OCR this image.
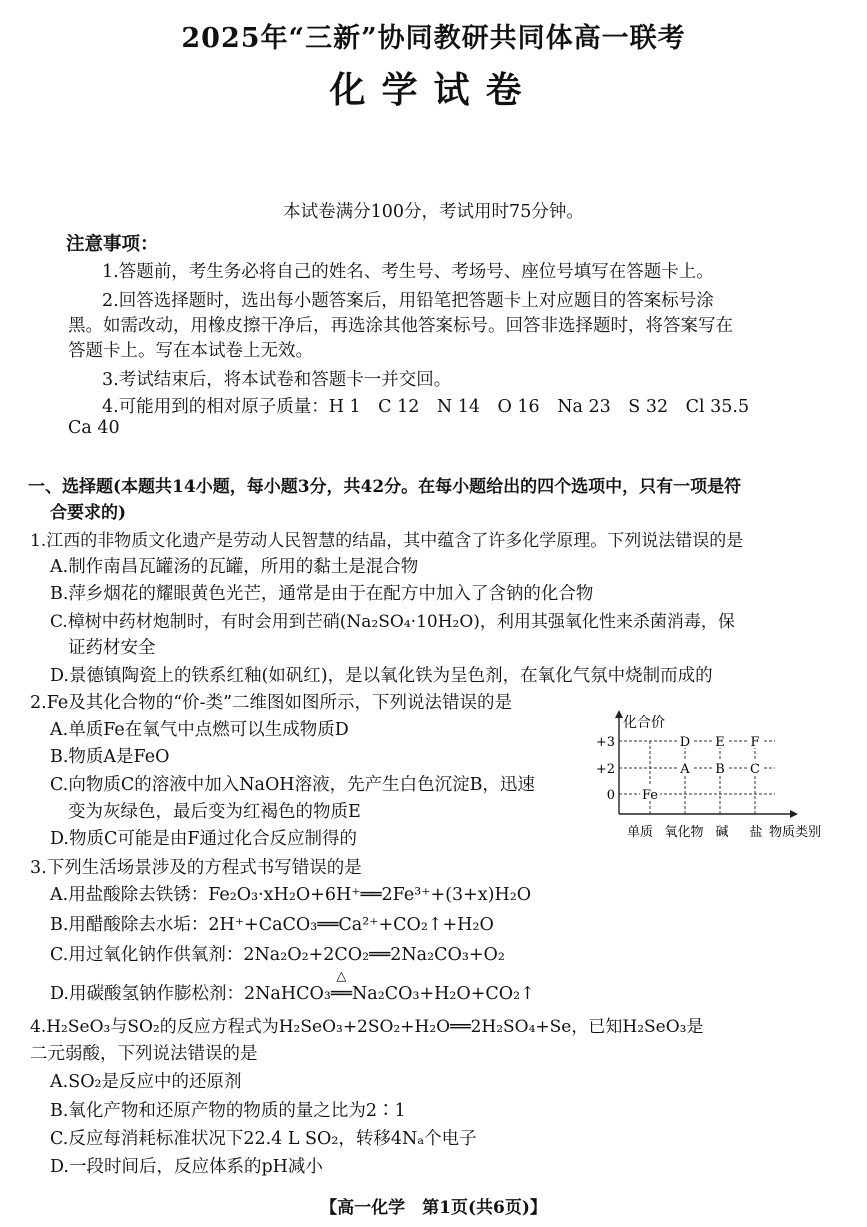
2025年“三新”协同教研共同体高一联考
化学试卷
本试卷满分100分，考试用时75分钟。
注意事项：
1.答题前，考生务必将自己的姓名、考生号、考场号、座位号填写在答题卡上。
2.回答选择题时，选出每小题答案后，用铅笔把答题卡上对应题目的答案标号涂
黑。如需改动，用橡皮擦干净后，再选涂其他答案标号。回答非选择题时，将答案写在
答题卡上。写在本试卷上无效。
3.考试结束后，将本试卷和答题卡一并交回。
4.可能用到的相对原子质量：H 1　C 12　N 14　O 16　Na 23　S 32　Cl 35.5
Ca 40
一、选择题(本题共14小题，每小题3分，共42分。在每小题给出的四个选项中，只有一项是符
合要求的)
1.江西的非物质文化遗产是劳动人民智慧的结晶，其中蕴含了许多化学原理。下列说法错误的是
A.制作南昌瓦罐汤的瓦罐，所用的黏土是混合物
B.萍乡烟花的耀眼黄色光芒，通常是由于在配方中加入了含钠的化合物
C.樟树中药材炮制时，有时会用到芒硝(Na₂SO₄·10H₂O)，利用其强氧化性来杀菌消毒，保
证药材安全
D.景德镇陶瓷上的铁系红釉(如矾红)，是以氧化铁为呈色剂，在氧化气氛中烧制而成的
2.Fe及其化合物的“价-类”二维图如图所示，下列说法错误的是
A.单质Fe在氧气中点燃可以生成物质D
B.物质A是FeO
C.向物质C的溶液中加入NaOH溶液，先产生白色沉淀B，迅速
变为灰绿色，最后变为红褐色的物质E
D.物质C可能是由F通过化合反应制得的
化合价
+3
+2
0
D E F
A B C
Fe
单质 氧化物 碱 盐 物质类别
3.下列生活场景涉及的方程式书写错误的是
A.用盐酸除去铁锈：Fe₂O₃·xH₂O+6H⁺══2Fe³⁺+(3+x)H₂O
B.用醋酸除去水垢：2H⁺+CaCO₃══Ca²⁺+CO₂↑+H₂O
C.用过氧化钠作供氧剂：2Na₂O₂+2CO₂══2Na₂CO₃+O₂
D.用碳酸氢钠作膨松剂：2NaHCO₃
△
══Na₂CO₃+H₂O+CO₂↑
4.H₂SeO₃与SO₂的反应方程式为H₂SeO₃+2SO₂+H₂O══2H₂SO₄+Se，已知H₂SeO₃是
二元弱酸，下列说法错误的是
A.SO₂是反应中的还原剂
B.氧化产物和还原产物的物质的量之比为2∶1
C.反应每消耗标准状况下22.4 L SO₂，转移4Nₐ个电子
D.一段时间后，反应体系的pH减小
【高一化学　第1页(共6页)】
